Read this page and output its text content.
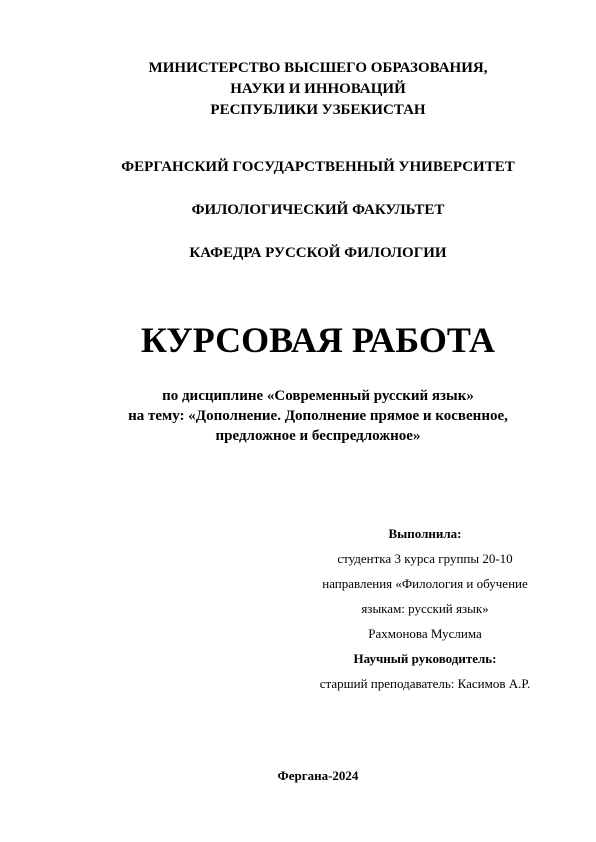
МИНИСТЕРСТВО ВЫСШЕГО ОБРАЗОВАНИЯ,
НАУКИ И ИННОВАЦИЙ
РЕСПУБЛИКИ УЗБЕКИСТАН
ФЕРГАНСКИЙ ГОСУДАРСТВЕННЫЙ УНИВЕРСИТЕТ
ФИЛОЛОГИЧЕСКИЙ ФАКУЛЬТЕТ
КАФЕДРА РУССКОЙ ФИЛОЛОГИИ
КУРСОВАЯ РАБОТА
по дисциплине «Современный русский язык»
на тему: «Дополнение. Дополнение прямое и косвенное,
предложное и беспредложное»
Выполнила:
студентка 3 курса группы 20-10
направления «Филология и обучение
языкам: русский язык»
Рахмонова Муслима
Научный руководитель:
старший преподаватель: Касимов А.Р.
Фергана-2024
